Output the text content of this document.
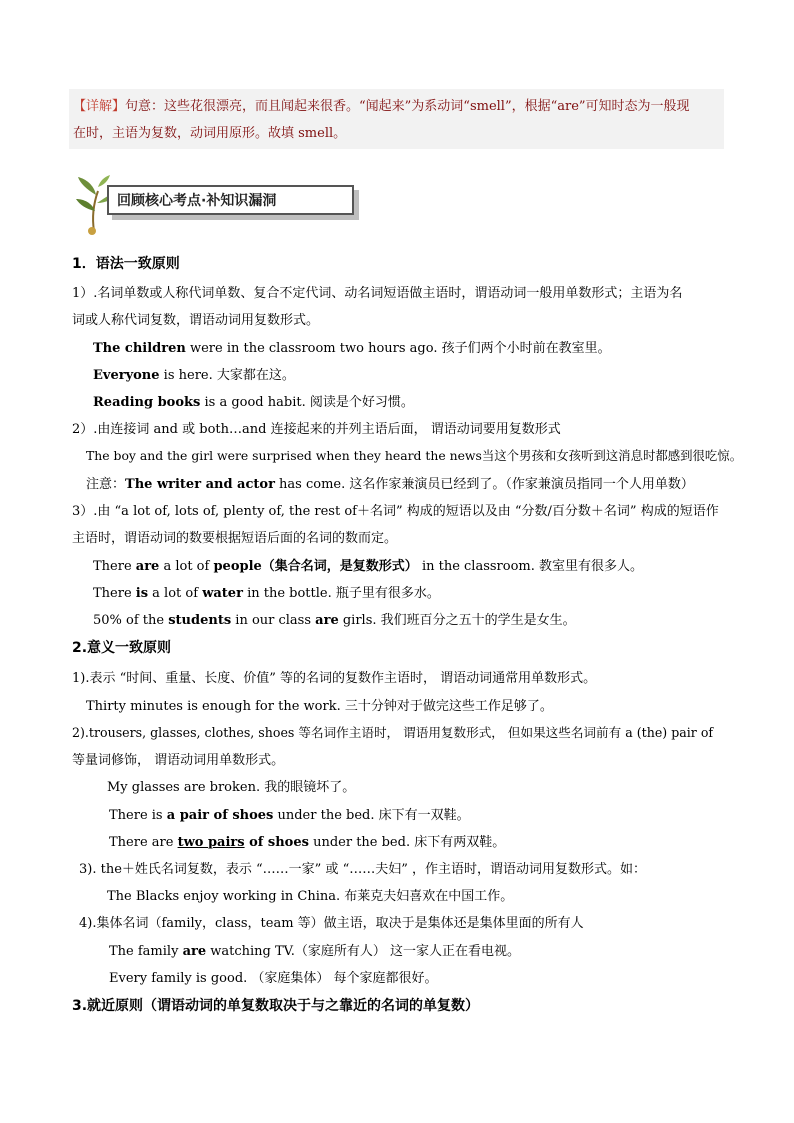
【详解】句意：这些花很漂亮，而且闻起来很香。“闻起来”为系动词“smell”，根据“are”可知时态为一般现
在时，主语为复数，动词用原形。故填 smell。
回顾核心考点·补知识漏洞
1．语法一致原则
1）.名词单数或人称代词单数、复合不定代词、动名词短语做主语时，谓语动词一般用单数形式；主语为名
词或人称代词复数，谓语动词用复数形式。
The children were in the classroom two hours ago. 孩子们两个小时前在教室里。
Everyone is here. 大家都在这。
Reading books is a good habit. 阅读是个好习惯。
2）.由连接词 and 或 both…and 连接起来的并列主语后面， 谓语动词要用复数形式
The boy and the girl were surprised when they heard the news当这个男孩和女孩听到这消息时都感到很吃惊。
注意：The writer and actor has come. 这名作家兼演员已经到了。（作家兼演员指同一个人用单数）
3）.由 “a lot of, lots of, plenty of, the rest of＋名词” 构成的短语以及由 “分数/百分数＋名词” 构成的短语作
主语时，谓语动词的数要根据短语后面的名词的数而定。
There are a lot of people（集合名词，是复数形式） in the classroom. 教室里有很多人。
There is a lot of water in the bottle. 瓶子里有很多水。
50% of the students in our class are girls. 我们班百分之五十的学生是女生。
2.意义一致原则
1).表示 “时间、重量、长度、价值” 等的名词的复数作主语时， 谓语动词通常用单数形式。
Thirty minutes is enough for the work. 三十分钟对于做完这些工作足够了。
2).trousers, glasses, clothes, shoes 等名词作主语时， 谓语用复数形式， 但如果这些名词前有 a (the) pair of
等量词修饰， 谓语动词用单数形式。
My glasses are broken. 我的眼镜坏了。
There is a pair of shoes under the bed. 床下有一双鞋。
There are two pairs of shoes under the bed. 床下有两双鞋。
3). the＋姓氏名词复数，表示 “……一家” 或 “……夫妇” ，作主语时，谓语动词用复数形式。如：
The Blacks enjoy working in China. 布莱克夫妇喜欢在中国工作。
4).集体名词（family，class，team 等）做主语，取决于是集体还是集体里面的所有人
The family are watching TV.（家庭所有人） 这一家人正在看电视。
Every family is good. （家庭集体） 每个家庭都很好。
3.就近原则（谓语动词的单复数取决于与之靠近的名词的单复数）
